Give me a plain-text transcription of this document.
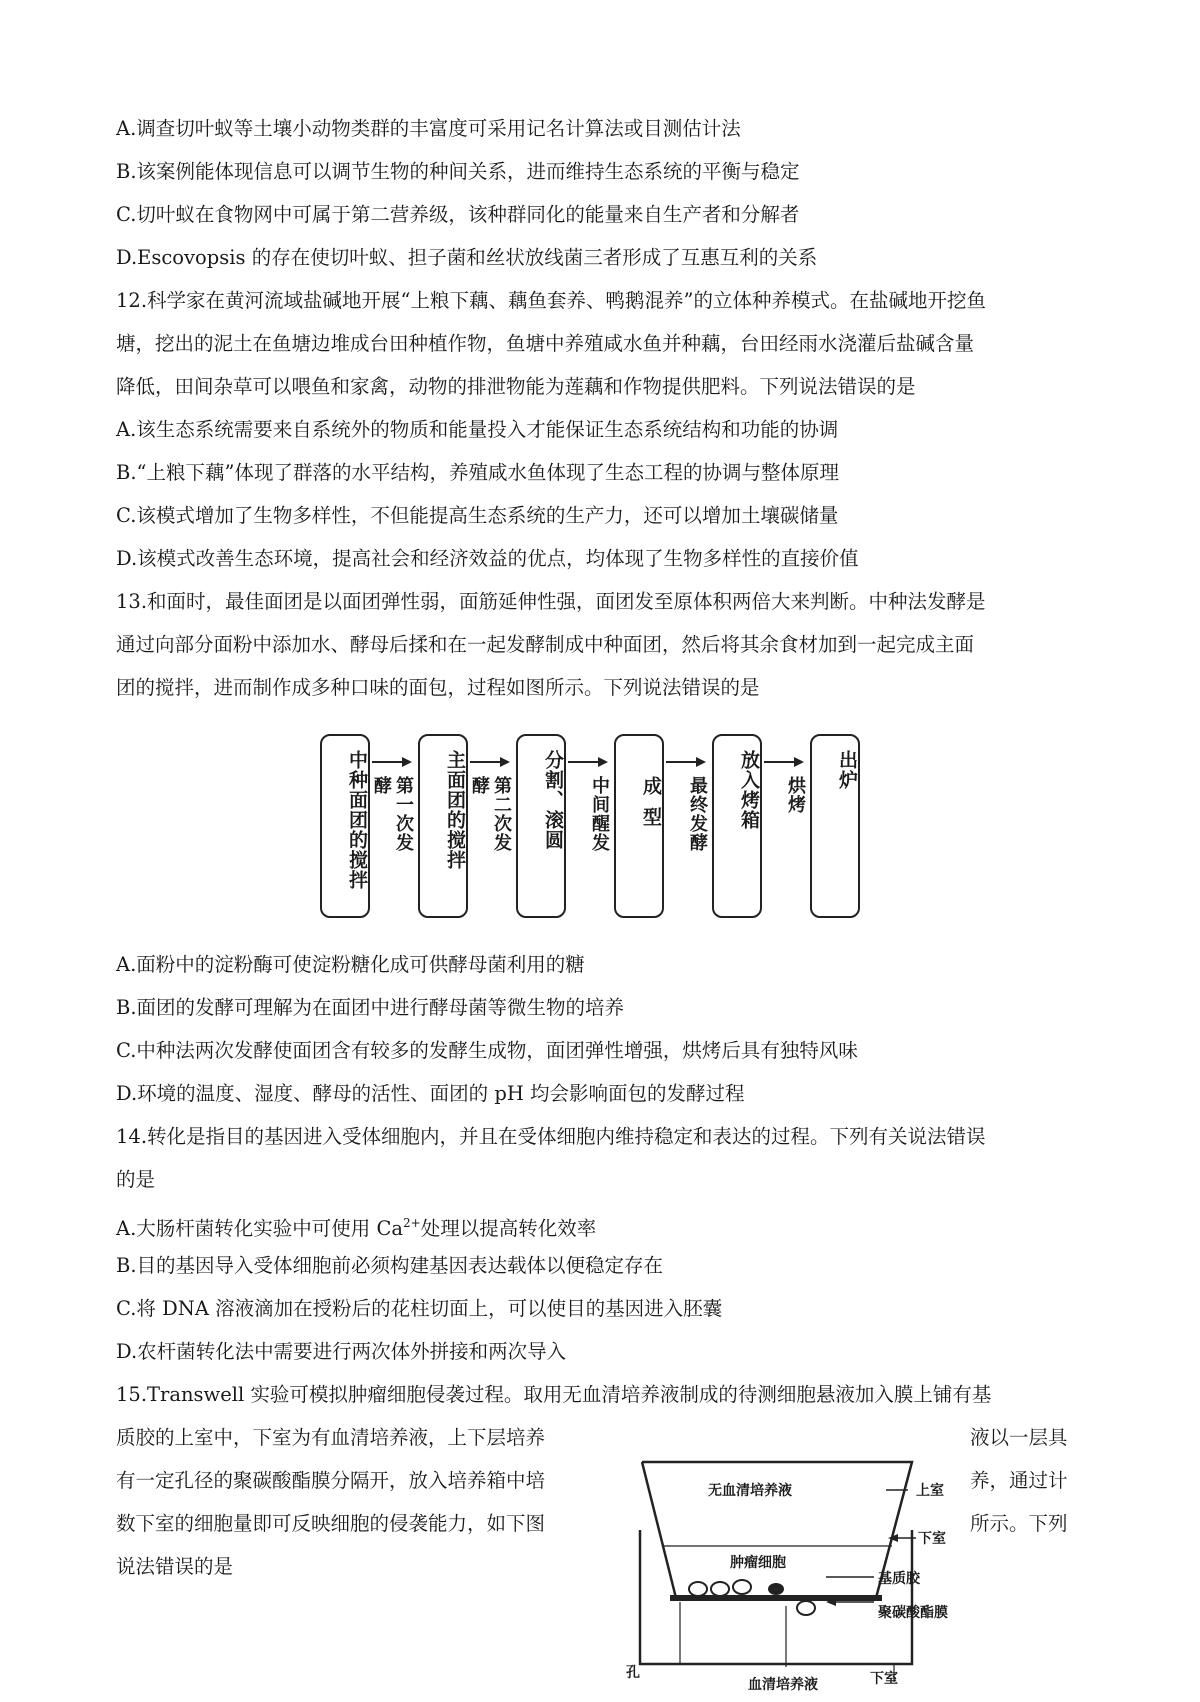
A.调查切叶蚁等土壤小动物类群的丰富度可采用记名计算法或目测估计法
B.该案例能体现信息可以调节生物的种间关系，进而维持生态系统的平衡与稳定
C.切叶蚁在食物网中可属于第二营养级，该种群同化的能量来自生产者和分解者
D.Escovopsis 的存在使切叶蚁、担子菌和丝状放线菌三者形成了互惠互利的关系
12.科学家在黄河流域盐碱地开展“上粮下藕、藕鱼套养、鸭鹅混养”的立体种养模式。在盐碱地开挖鱼
塘，挖出的泥土在鱼塘边堆成台田种植作物，鱼塘中养殖咸水鱼并种藕，台田经雨水浇灌后盐碱含量
降低，田间杂草可以喂鱼和家禽，动物的排泄物能为莲藕和作物提供肥料。下列说法错误的是
A.该生态系统需要来自系统外的物质和能量投入才能保证生态系统结构和功能的协调
B.“上粮下藕”体现了群落的水平结构，养殖咸水鱼体现了生态工程的协调与整体原理
C.该模式增加了生物多样性，不但能提高生态系统的生产力，还可以增加土壤碳储量
D.该模式改善生态环境，提高社会和经济效益的优点，均体现了生物多样性的直接价值
13.和面时，最佳面团是以面团弹性弱，面筋延伸性强，面团发至原体积两倍大来判断。中种法发酵是
通过向部分面粉中添加水、酵母后揉和在一起发酵制成中种面团，然后将其余食材加到一起完成主面
团的搅拌，进而制作成多种口味的面包，过程如图所示。下列说法错误的是
中种面团的搅拌	第一次发酵	主面团的搅拌	第二次发酵	分割、滚圆	中间醒发	成型	最终发酵	放入烤箱	烘烤
出炉
A.面粉中的淀粉酶可使淀粉糖化成可供酵母菌利用的糖
B.面团的发酵可理解为在面团中进行酵母菌等微生物的培养
C.中种法两次发酵使面团含有较多的发酵生成物，面团弹性增强，烘烤后具有独特风味
D.环境的温度、湿度、酵母的活性、面团的 pH 均会影响面包的发酵过程
14.转化是指目的基因进入受体细胞内，并且在受体细胞内维持稳定和表达的过程。下列有关说法错误
的是
A.大肠杆菌转化实验中可使用 $Ca^{2+}$处理以提高转化效率
B.目的基因导入受体细胞前必须构建基因表达载体以便稳定存在
C.将 DNA 溶液滴加在授粉后的花柱切面上，可以使目的基因进入胚囊
D.农杆菌转化法中需要进行两次体外拼接和两次导入
15.Transwell 实验可模拟肿瘤细胞侵袭过程。取用无血清培养液制成的待测细胞悬液加入膜上铺有基
质胶的上室中，下室为有血清培养液，上下层培养	液以一层具
有一定孔径的聚碳酸酯膜分隔开，放入培养箱中培	养，通过计
数下室的细胞量即可反映细胞的侵袭能力，如下图	所示。下列
说法错误的是
无血清培养液	上室
下室
肿瘤细胞
基质胶
聚碳酸酯膜
孔
血清培养液	下室
